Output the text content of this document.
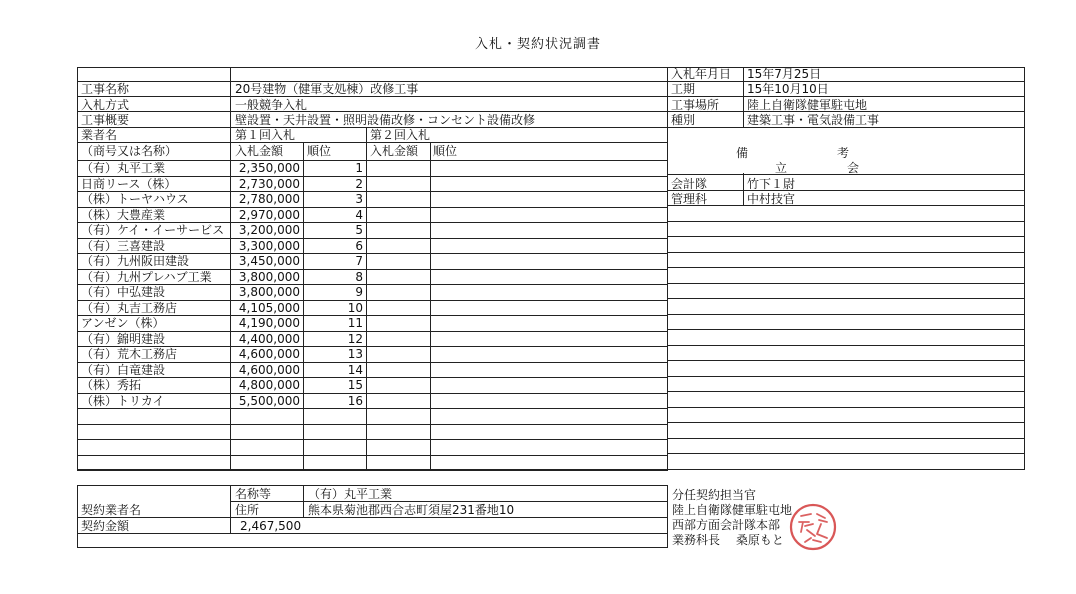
入札・契約状況調書
工事名称	20号建物（健軍支処棟）改修工事
入札方式	一般競争入札
工事概要	壁設置・天井設置・照明設備改修・コンセント設備改修
業者名	第１回入札	第２回入札
（商号又は名称）	入札金額 順位	入札金額 順位
（有）丸平工業	2,350,000	1
日商リース（株）	2,730,000	2
（株）トーヤハウス	2,780,000	3
（株）大豊産業	2,970,000	4
（有）ケイ・イーサービス	3,200,000	5
（有）三喜建設	3,300,000	6
（有）九州阪田建設	3,450,000	7
（有）九州プレハブ工業	3,800,000	8
（有）中弘建設	3,800,000	9
（有）丸吉工務店	4,105,000	10
アンゼン（株）	4,190,000	11
（有）錦明建設	4,400,000	12
（有）荒木工務店	4,600,000	13
（有）白竜建設	4,600,000	14
（株）秀拓	4,800,000	15
（株）トリカイ	5,500,000	16
入札年月日 15年7月25日
工期	15年10月10日
工事場所 陸上自衛隊健軍駐屯地
種別	建築工事・電気設備工事
備	考
立	会
会計隊	竹下１尉
管理科	中村技官
名称等	（有）丸平工業
契約業者名	住所	熊本県菊池郡西合志町須屋231番地10
契約金額	2,467,500
分任契約担当官
陸上自衛隊健軍駐屯地
西部方面会計隊本部
業務科長　 桑原もと
